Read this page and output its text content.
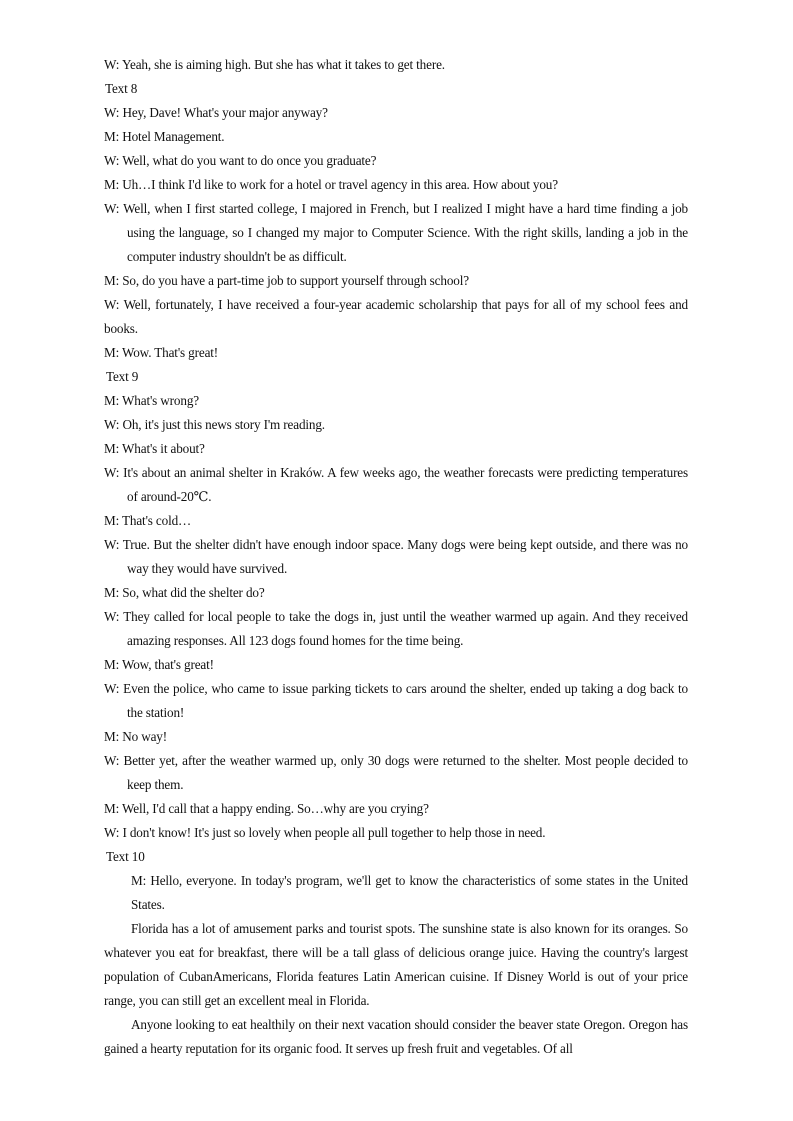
W: Yeah, she is aiming high. But she has what it takes to get there.
Text 8
W: Hey, Dave! What's your major anyway?
M: Hotel Management.
W: Well, what do you want to do once you graduate?
M: Uh…I think I'd like to work for a hotel or travel agency in this area. How about you?
W: Well, when I first started college, I majored in French, but I realized I might have a hard time finding a job using the language, so I changed my major to Computer Science. With the right skills, landing a job in the computer industry shouldn't be as difficult.
M: So, do you have a part-time job to support yourself through school?
W: Well, fortunately, I have received a four-year academic scholarship that pays for all of my school fees and books.
M: Wow. That's great!
Text 9
M: What's wrong?
W: Oh, it's just this news story I'm reading.
M: What's it about?
W: It's about an animal shelter in Kraków. A few weeks ago, the weather forecasts were predicting temperatures of around-20℃.
M: That's cold…
W: True. But the shelter didn't have enough indoor space. Many dogs were being kept outside, and there was no way they would have survived.
M: So, what did the shelter do?
W: They called for local people to take the dogs in, just until the weather warmed up again. And they received amazing responses. All 123 dogs found homes for the time being.
M: Wow, that's great!
W: Even the police, who came to issue parking tickets to cars around the shelter, ended up taking a dog back to the station!
M: No way!
W: Better yet, after the weather warmed up, only 30 dogs were returned to the shelter. Most people decided to keep them.
M: Well, I'd call that a happy ending. So…why are you crying?
W: I don't know! It's just so lovely when people all pull together to help those in need.
Text 10
M: Hello, everyone. In today's program, we'll get to know the characteristics of some states in the United States.
Florida has a lot of amusement parks and tourist spots. The sunshine state is also known for its oranges. So whatever you eat for breakfast, there will be a tall glass of delicious orange juice. Having the country's largest population of CubanAmericans, Florida features Latin American cuisine. If Disney World is out of your price range, you can still get an excellent meal in Florida.
Anyone looking to eat healthily on their next vacation should consider the beaver state Oregon. Oregon has gained a hearty reputation for its organic food. It serves up fresh fruit and vegetables. Of all
